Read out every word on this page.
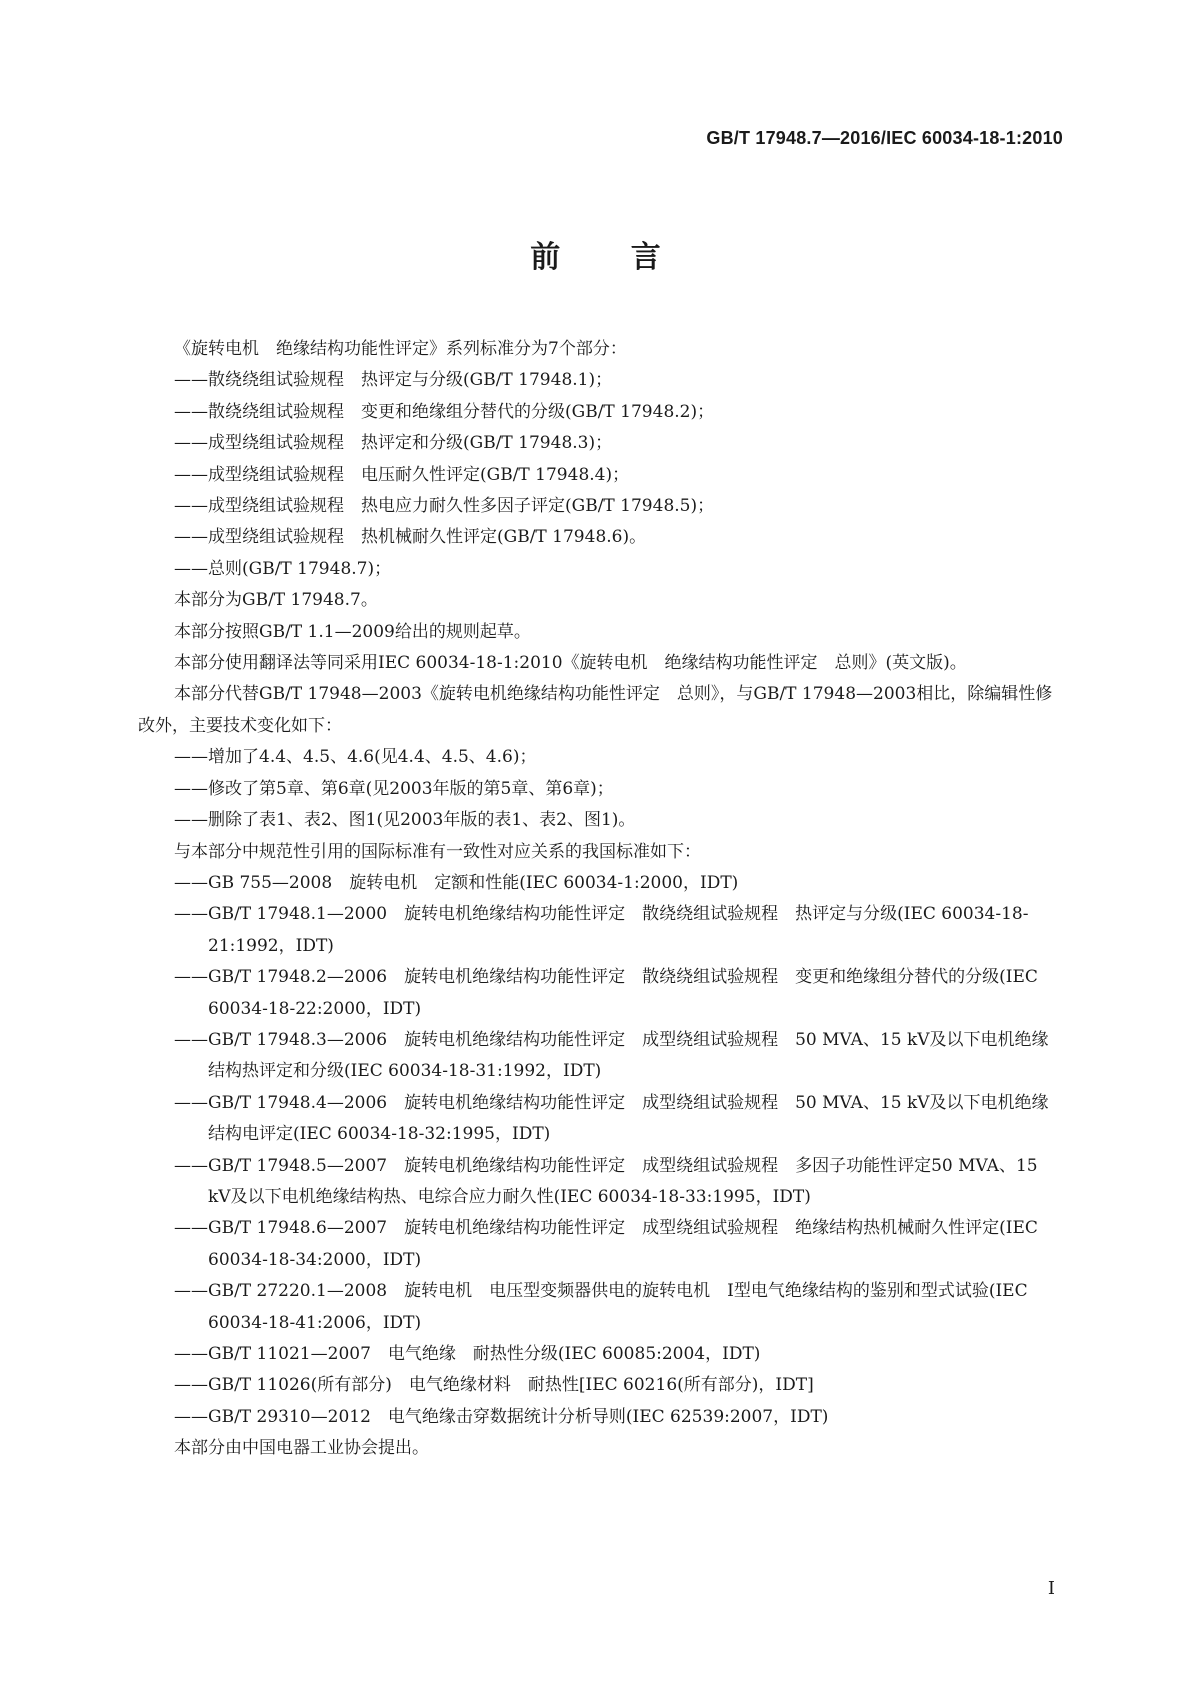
GB/T 17948.7—2016/IEC 60034-18-1:2010
前 言

《旋转电机　绝缘结构功能性评定》系列标准分为7个部分：

——散绕绕组试验规程　热评定与分级(GB/T 17948.1)；

——散绕绕组试验规程　变更和绝缘组分替代的分级(GB/T 17948.2)；

——成型绕组试验规程　热评定和分级(GB/T 17948.3)；

——成型绕组试验规程　电压耐久性评定(GB/T 17948.4)；

——成型绕组试验规程　热电应力耐久性多因子评定(GB/T 17948.5)；

——成型绕组试验规程　热机械耐久性评定(GB/T 17948.6)。

——总则(GB/T 17948.7)；

本部分为GB/T 17948.7。

本部分按照GB/T 1.1—2009给出的规则起草。

本部分使用翻译法等同采用IEC 60034-18-1:2010《旋转电机　绝缘结构功能性评定　总则》(英文版)。

本部分代替GB/T 17948—2003《旋转电机绝缘结构功能性评定　总则》，与GB/T 17948—2003相比，除编辑性修改外，主要技术变化如下：

——增加了4.4、4.5、4.6(见4.4、4.5、4.6)；

——修改了第5章、第6章(见2003年版的第5章、第6章)；

——删除了表1、表2、图1(见2003年版的表1、表2、图1)。

与本部分中规范性引用的国际标准有一致性对应关系的我国标准如下：

—— GB 755—2008　旋转电机　定额和性能(IEC 60034-1:2000，IDT)
—— GB/T 17948.1—2000　旋转电机绝缘结构功能性评定　散绕绕组试验规程　热评定与分级(IEC 60034-18-21:1992，IDT)
—— GB/T 17948.2—2006　旋转电机绝缘结构功能性评定　散绕绕组试验规程　变更和绝缘组分替代的分级(IEC 60034-18-22:2000，IDT)
—— GB/T 17948.3—2006　旋转电机绝缘结构功能性评定　成型绕组试验规程　50 MVA、15 kV及以下电机绝缘结构热评定和分级(IEC 60034-18-31:1992，IDT)
—— GB/T 17948.4—2006　旋转电机绝缘结构功能性评定　成型绕组试验规程　50 MVA、15 kV及以下电机绝缘结构电评定(IEC 60034-18-32:1995，IDT)
—— GB/T 17948.5—2007　旋转电机绝缘结构功能性评定　成型绕组试验规程　多因子功能性评定50 MVA、15 kV及以下电机绝缘结构热、电综合应力耐久性(IEC 60034-18-33:1995，IDT)
—— GB/T 17948.6—2007　旋转电机绝缘结构功能性评定　成型绕组试验规程　绝缘结构热机械耐久性评定(IEC 60034-18-34:2000，IDT)
—— GB/T 27220.1—2008　旋转电机　电压型变频器供电的旋转电机　Ⅰ型电气绝缘结构的鉴别和型式试验(IEC 60034-18-41:2006，IDT)
—— GB/T 11021—2007　电气绝缘　耐热性分级(IEC 60085:2004，IDT)
—— GB/T 11026(所有部分)　电气绝缘材料　耐热性[IEC 60216(所有部分)，IDT]
—— GB/T 29310—2012　电气绝缘击穿数据统计分析导则(IEC 62539:2007，IDT)

本部分由中国电器工业协会提出。

Ⅰ
